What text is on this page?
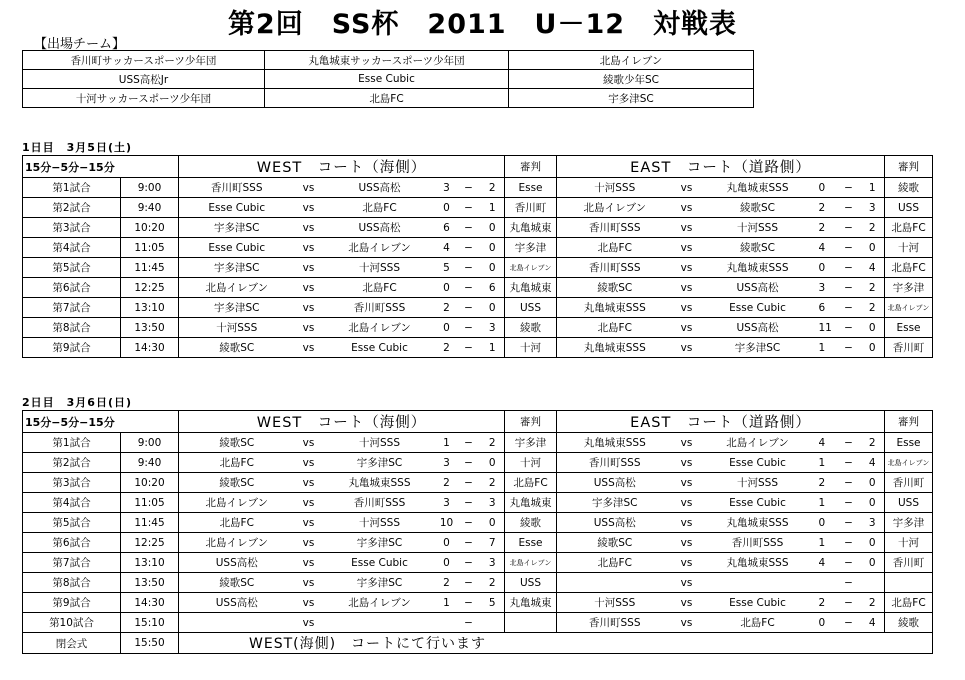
第2回　SS杯　2011　U－12　対戦表
【出場チーム】
香川町サッカースポーツ少年団	丸亀城東サッカースポーツ少年団	北島イレブン
USS高松Jr	Esse Cubic	綾歌少年SC
十河サッカースポーツ少年団	北島FC	宇多津SC
1日目　3月5日(土)
15分−5分−15分		WEST　コート（海側）						審判	EAST　コート（道路側）						審判
第1試合	9:00	香川町SSS	vs	USS高松	3	−	2	Esse	十河SSS	vs	丸亀城東SSS	0	−	1	綾歌
第2試合	9:40	Esse Cubic	vs	北島FC	0	−	1	香川町	北島イレブン	vs	綾歌SC	2	−	3	USS
第3試合	10:20	宇多津SC	vs	USS高松	6	−	0	丸亀城東	香川町SSS	vs	十河SSS	2	−	2	北島FC
第4試合	11:05	Esse Cubic	vs	北島イレブン	4	−	0	宇多津	北島FC	vs	綾歌SC	4	−	0	十河
第5試合	11:45	宇多津SC	vs	十河SSS	5	−	0	北島イレブン	香川町SSS	vs	丸亀城東SSS	0	−	4	北島FC
第6試合	12:25	北島イレブン	vs	北島FC	0	−	6	丸亀城東	綾歌SC	vs	USS高松	3	−	2	宇多津
第7試合	13:10	宇多津SC	vs	香川町SSS	2	−	0	USS	丸亀城東SSS	vs	Esse Cubic	6	−	2	北島イレブン
第8試合	13:50	十河SSS	vs	北島イレブン	0	−	3	綾歌	北島FC	vs	USS高松	11	−	0	Esse
第9試合	14:30	綾歌SC	vs	Esse Cubic	2	−	1	十河	丸亀城東SSS	vs	宇多津SC	1	−	0	香川町
2日目　3月6日(日)
15分−5分−15分		WEST　コート（海側）						審判	EAST　コート（道路側）						審判
第1試合	9:00	綾歌SC	vs	十河SSS	1	−	2	宇多津	丸亀城東SSS	vs	北島イレブン	4	−	2	Esse
第2試合	9:40	北島FC	vs	宇多津SC	3	−	0	十河	香川町SSS	vs	Esse Cubic	1	−	4	北島イレブン
第3試合	10:20	綾歌SC	vs	丸亀城東SSS	2	−	2	北島FC	USS高松	vs	十河SSS	2	−	0	香川町
第4試合	11:05	北島イレブン	vs	香川町SSS	3	−	3	丸亀城東	宇多津SC	vs	Esse Cubic	1	−	0	USS
第5試合	11:45	北島FC	vs	十河SSS	10	−	0	綾歌	USS高松	vs	丸亀城東SSS	0	−	3	宇多津
第6試合	12:25	北島イレブン	vs	宇多津SC	0	−	7	Esse	綾歌SC	vs	香川町SSS	1	−	0	十河
第7試合	13:10	USS高松	vs	Esse Cubic	0	−	3	北島イレブン	北島FC	vs	丸亀城東SSS	4	−	0	香川町
第8試合	13:50	綾歌SC	vs	宇多津SC	2	−	2	USS		vs			−		
第9試合	14:30	USS高松	vs	北島イレブン	1	−	5	丸亀城東	十河SSS	vs	Esse Cubic	2	−	2	北島FC
第10試合	15:10		vs			−			香川町SSS	vs	北島FC	0	−	4	綾歌
閉会式	15:50	WEST(海側)　コートにて行います													
